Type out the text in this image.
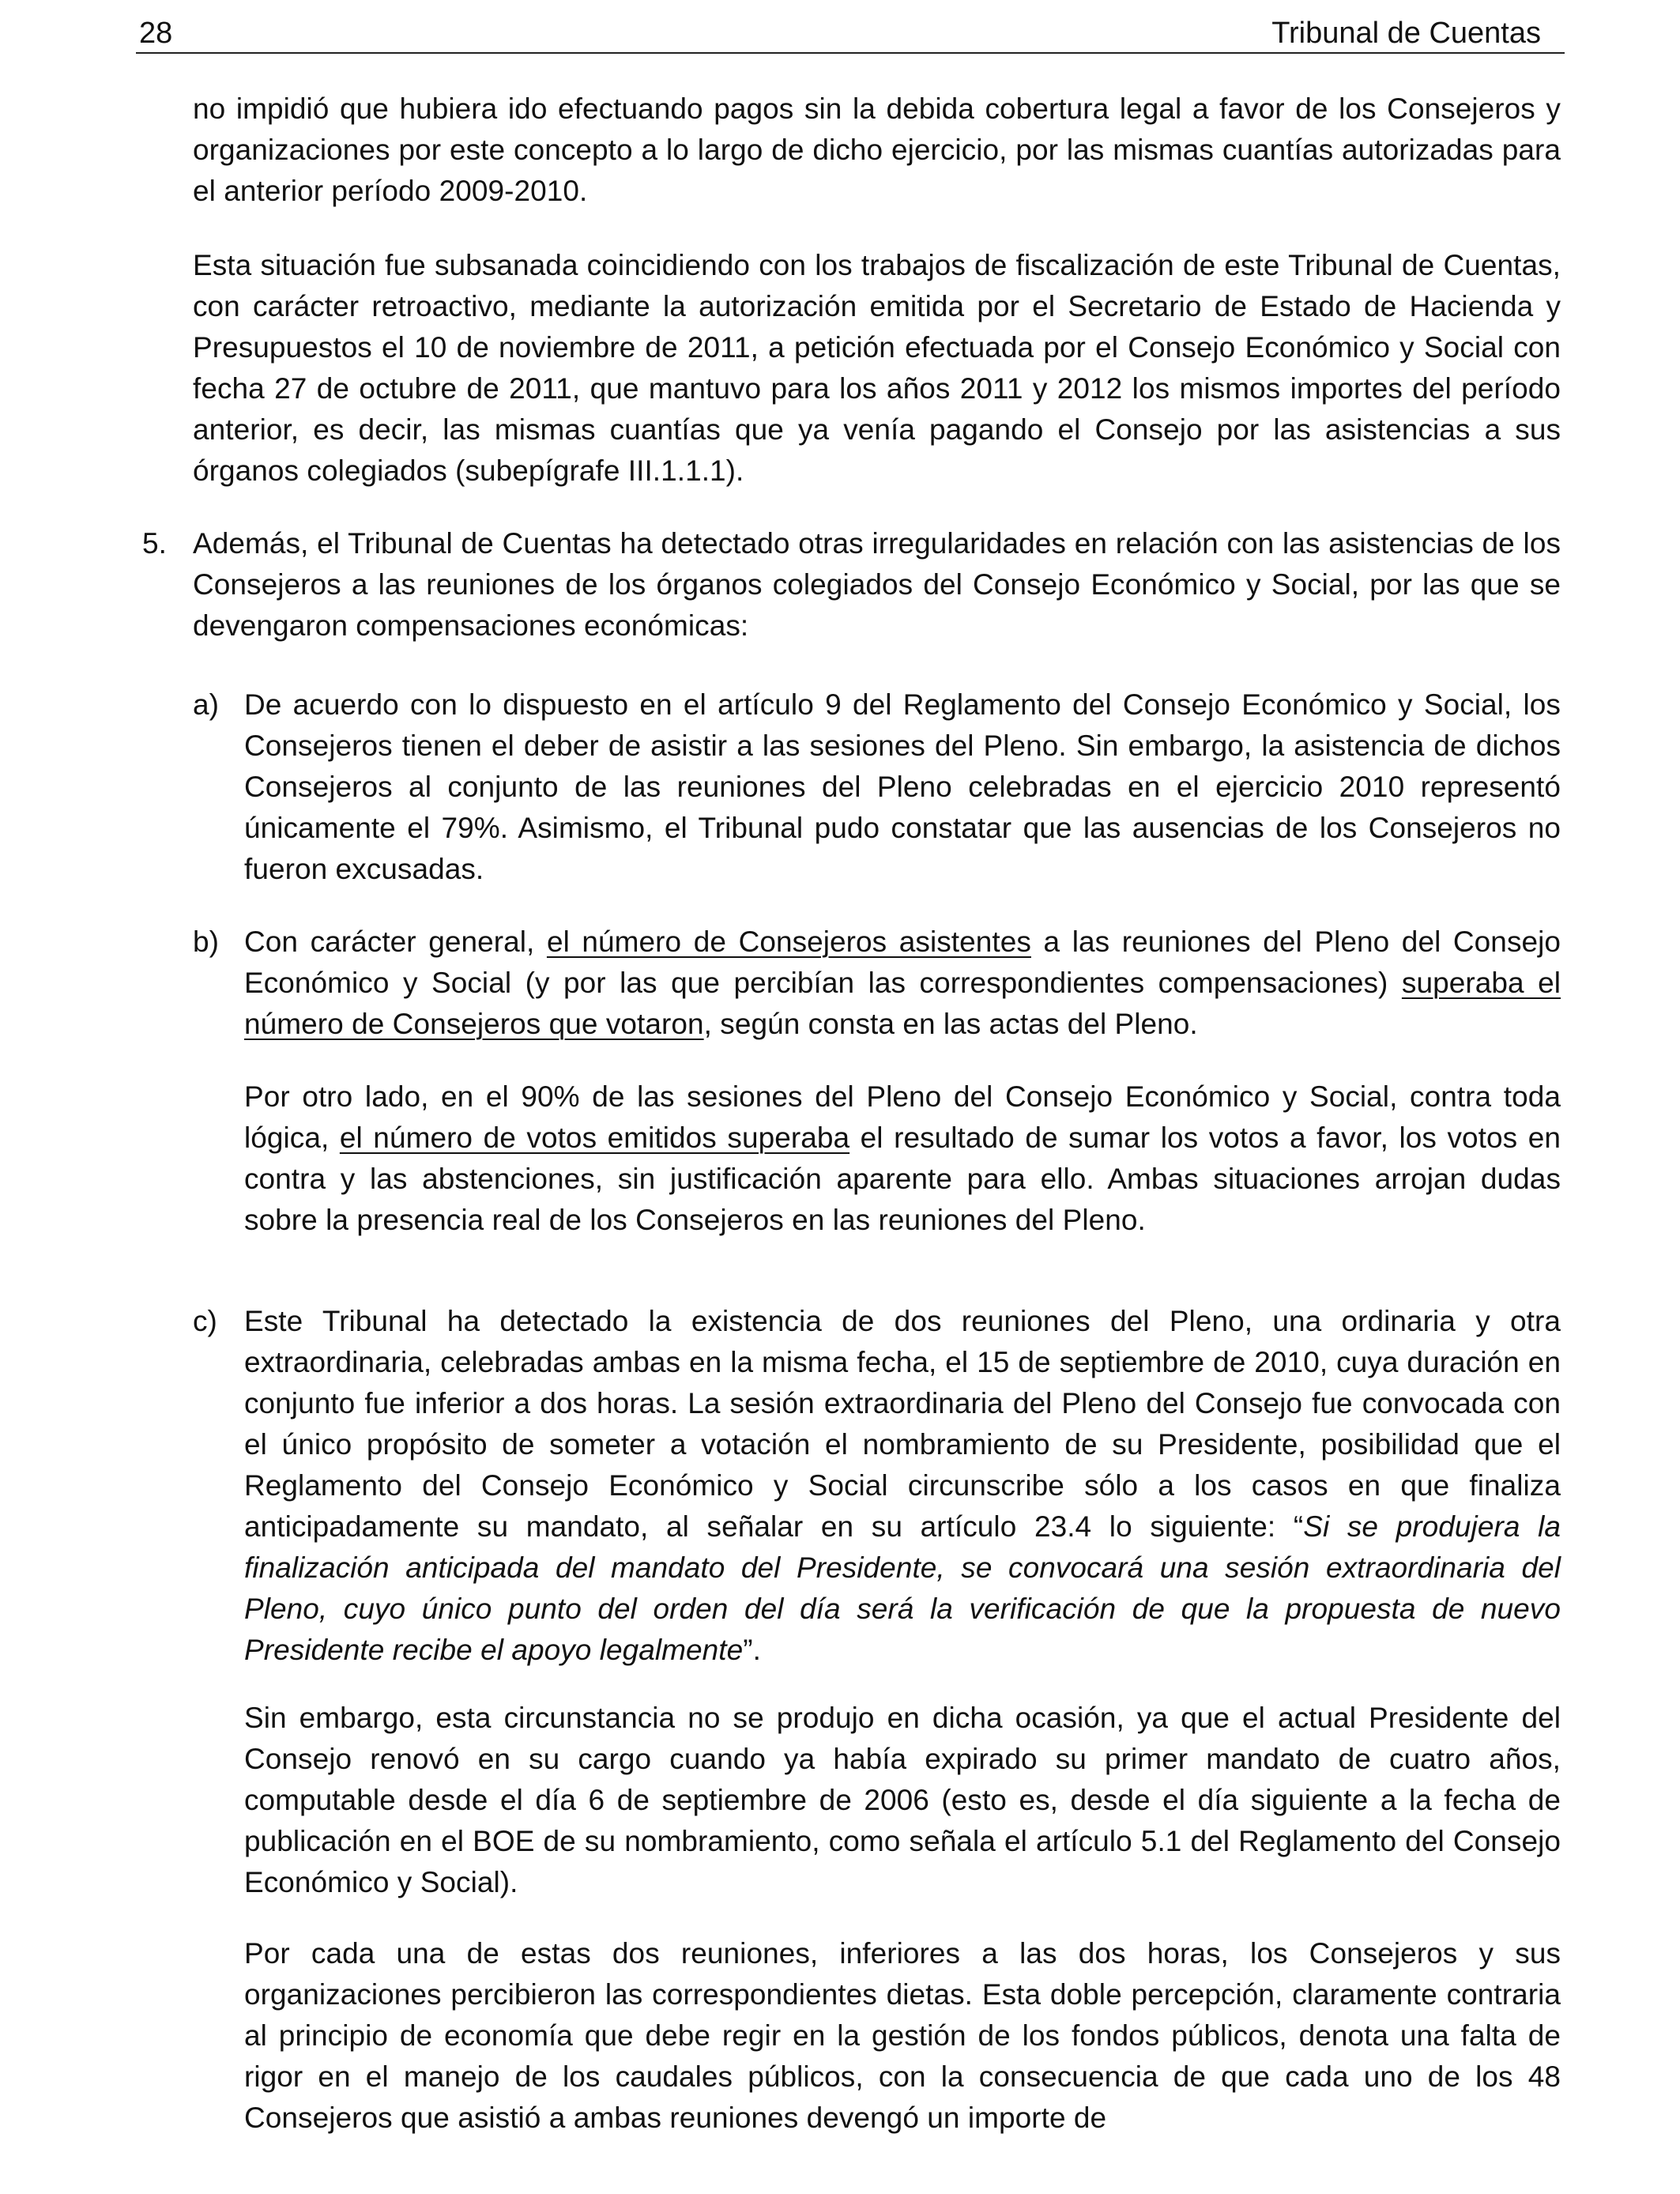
28	Tribunal de Cuentas

no impidió que hubiera ido efectuando pagos sin la debida cobertura legal a favor de los Consejeros y organizaciones por este concepto a lo largo de dicho ejercicio, por las mismas cuantías autorizadas para el anterior período 2009-2010.

Esta situación fue subsanada coincidiendo con los trabajos de fiscalización de este Tribunal de Cuentas, con carácter retroactivo, mediante la autorización emitida por el Secretario de Estado de Hacienda y Presupuestos el 10 de noviembre de 2011, a petición efectuada por el Consejo Económico y Social con fecha 27 de octubre de 2011, que mantuvo para los años 2011 y 2012 los mismos importes del período anterior, es decir, las mismas cuantías que ya venía pagando el Consejo por las asistencias a sus órganos colegiados (subepígrafe III.1.1.1).

5. Además, el Tribunal de Cuentas ha detectado otras irregularidades en relación con las asistencias de los Consejeros a las reuniones de los órganos colegiados del Consejo Económico y Social, por las que se devengaron compensaciones económicas:

a) De acuerdo con lo dispuesto en el artículo 9 del Reglamento del Consejo Económico y Social, los Consejeros tienen el deber de asistir a las sesiones del Pleno. Sin embargo, la asistencia de dichos Consejeros al conjunto de las reuniones del Pleno celebradas en el ejercicio 2010 representó únicamente el 79%. Asimismo, el Tribunal pudo constatar que las ausencias de los Consejeros no fueron excusadas.

b) Con carácter general, el número de Consejeros asistentes a las reuniones del Pleno del Consejo Económico y Social (y por las que percibían las correspondientes compensaciones) superaba el número de Consejeros que votaron, según consta en las actas del Pleno.

Por otro lado, en el 90% de las sesiones del Pleno del Consejo Económico y Social, contra toda lógica, el número de votos emitidos superaba el resultado de sumar los votos a favor, los votos en contra y las abstenciones, sin justificación aparente para ello. Ambas situaciones arrojan dudas sobre la presencia real de los Consejeros en las reuniones del Pleno.

c) Este Tribunal ha detectado la existencia de dos reuniones del Pleno, una ordinaria y otra extraordinaria, celebradas ambas en la misma fecha, el 15 de septiembre de 2010, cuya duración en conjunto fue inferior a dos horas. La sesión extraordinaria del Pleno del Consejo fue convocada con el único propósito de someter a votación el nombramiento de su Presidente, posibilidad que el Reglamento del Consejo Económico y Social circunscribe sólo a los casos en que finaliza anticipadamente su mandato, al señalar en su artículo 23.4 lo siguiente: “Si se produjera la finalización anticipada del mandato del Presidente, se convocará una sesión extraordinaria del Pleno, cuyo único punto del orden del día será la verificación de que la propuesta de nuevo Presidente recibe el apoyo legalmente”.

Sin embargo, esta circunstancia no se produjo en dicha ocasión, ya que el actual Presidente del Consejo renovó en su cargo cuando ya había expirado su primer mandato de cuatro años, computable desde el día 6 de septiembre de 2006 (esto es, desde el día siguiente a la fecha de publicación en el BOE de su nombramiento, como señala el artículo 5.1 del Reglamento del Consejo Económico y Social).

Por cada una de estas dos reuniones, inferiores a las dos horas, los Consejeros y sus organizaciones percibieron las correspondientes dietas. Esta doble percepción, claramente contraria al principio de economía que debe regir en la gestión de los fondos públicos, denota una falta de rigor en el manejo de los caudales públicos, con la consecuencia de que cada uno de los 48 Consejeros que asistió a ambas reuniones devengó un importe de
